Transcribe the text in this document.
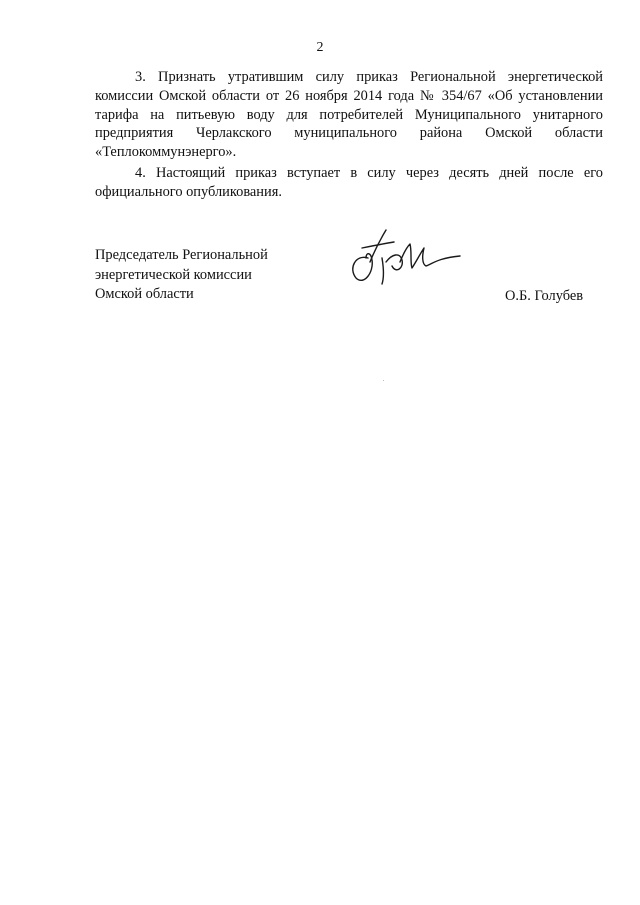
2

3. Признать утратившим силу приказ Региональной энергетической комиссии Омской области от 26 ноября 2014 года № 354/67 «Об установлении тарифа на питьевую воду для потребителей Муниципального унитарного предприятия Черлакского муниципального района Омской области «Теплокоммунэнерго».

4. Настоящий приказ вступает в силу через десять дней после его официального опубликования.

Председатель Региональной
энергетической комиссии
Омской области	О.Б. Голубев
